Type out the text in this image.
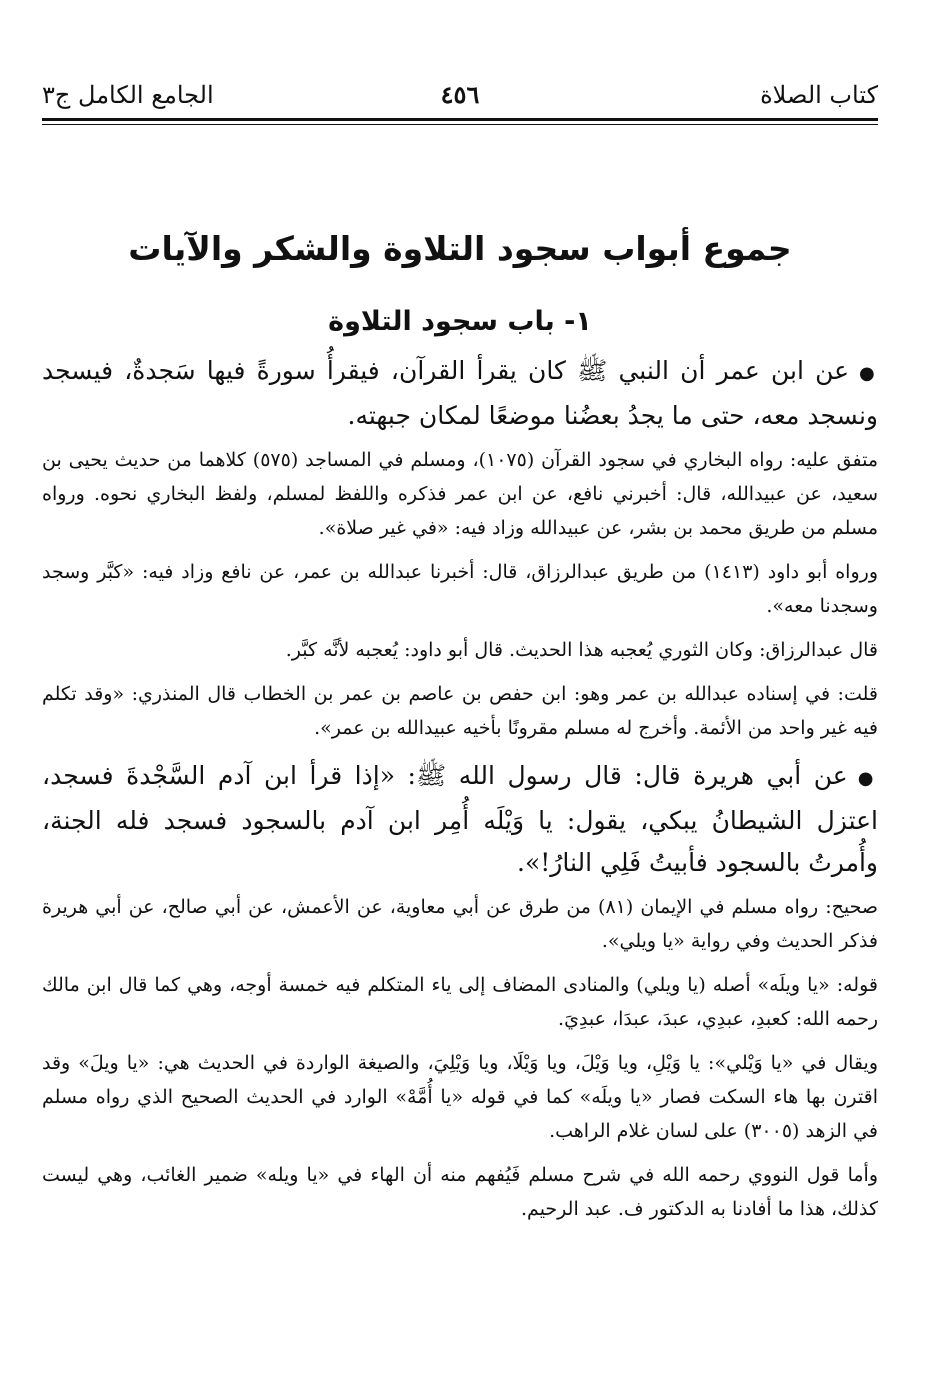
كتاب الصلاة
٤٥٦
الجامع الكامل ج٣
جموع أبواب سجود التلاوة والشكر والآيات
١- باب سجود التلاوة

●عن ابن عمر أن النبي ﷺ كان يقرأ القرآن، فيقرأُ سورةً فيها سَجدةٌ، فيسجد ونسجد معه، حتى ما يجدُ بعضُنا موضعًا لمكان جبهته.

متفق عليه: رواه البخاري في سجود القرآن (١٠٧٥)، ومسلم في المساجد (٥٧٥) كلاهما من حديث يحيى بن سعيد، عن عبيدالله، قال: أخبرني نافع، عن ابن عمر فذكره واللفظ لمسلم، ولفظ البخاري نحوه. ورواه مسلم من طريق محمد بن بشر، عن عبيدالله وزاد فيه: «في غير صلاة».

ورواه أبو داود (١٤١٣) من طريق عبدالرزاق، قال: أخبرنا عبدالله بن عمر، عن نافع وزاد فيه: «كبَّر وسجد وسجدنا معه».

قال عبدالرزاق: وكان الثوري يُعجبه هذا الحديث. قال أبو داود: يُعجبه لأنَّه كبَّر.

قلت: في إسناده عبدالله بن عمر وهو: ابن حفص بن عاصم بن عمر بن الخطاب قال المنذري: «وقد تكلم فيه غير واحد من الأئمة. وأخرج له مسلم مقرونًا بأخيه عبيدالله بن عمر».

●عن أبي هريرة قال: قال رسول الله ﷺ: «إذا قرأ ابن آدم السَّجْدةَ فسجد، اعتزل الشيطانُ يبكي، يقول: يا وَيْلَه أُمِر ابن آدم بالسجود فسجد فله الجنة، وأُمرتُ بالسجود فأبيتُ فَلِي النارُ!».

صحيح: رواه مسلم في الإيمان (٨١) من طرق عن أبي معاوية، عن الأعمش، عن أبي صالح، عن أبي هريرة فذكر الحديث وفي رواية «يا ويلي».

قوله: «يا ويلَه» أصله (يا ويلي) والمنادى المضاف إلى ياء المتكلم فيه خمسة أوجه، وهي كما قال ابن مالك رحمه الله: كعبدِ، عبدِي، عبدَ، عبدَا، عبدِيَ.

ويقال في «يا وَيْلي»: يا وَيْلِ، ويا وَيْلَ، ويا وَيْلَا، ويا وَيْلِيَ، والصيغة الواردة في الحديث هي: «يا ويلَ» وقد اقترن بها هاء السكت فصار «يا ويلَه» كما في قوله «يا أُمَّهْ» الوارد في الحديث الصحيح الذي رواه مسلم في الزهد (٣٠٠٥) على لسان غلام الراهب.

وأما قول النووي رحمه الله في شرح مسلم فَيُفهم منه أن الهاء في «يا ويله» ضمير الغائب، وهي ليست كذلك، هذا ما أفادنا به الدكتور ف. عبد الرحيم.
